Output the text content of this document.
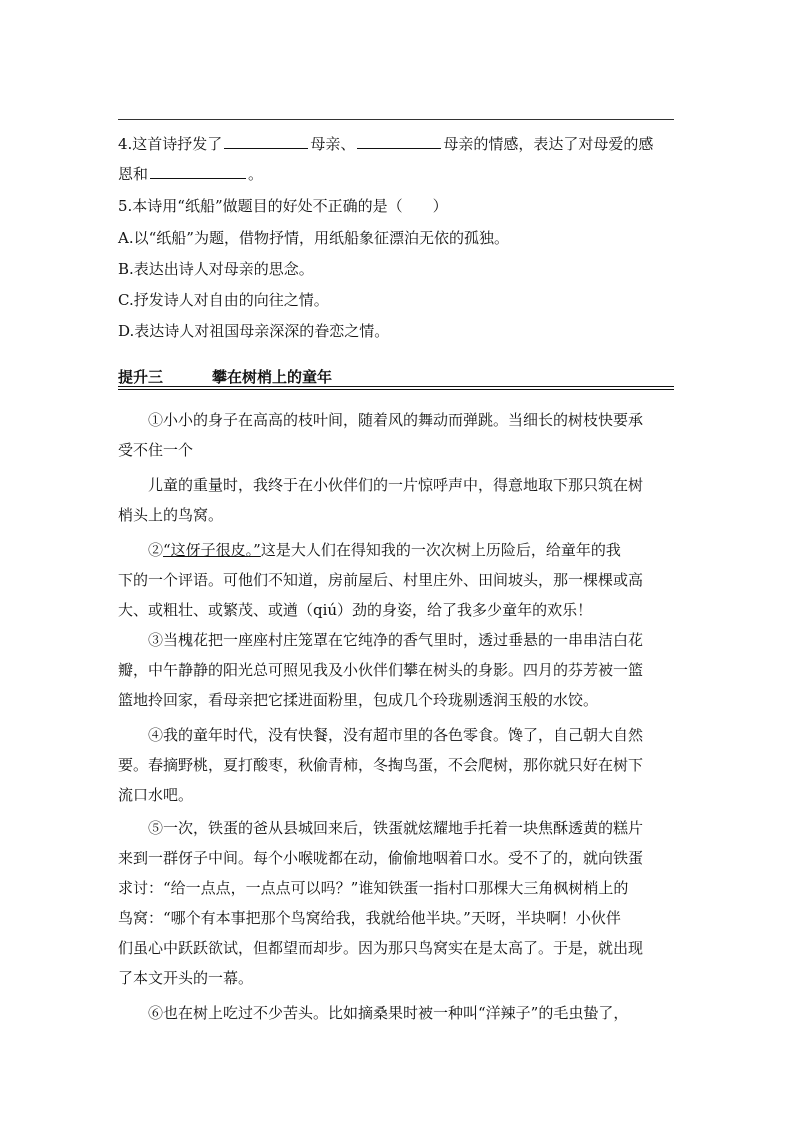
4.这首诗抒发了	母亲、	母亲的情感，表达了对母爱的感
恩和	。
5.本诗用“纸船”做题目的好处不正确的是（　　）
A.以“纸船”为题，借物抒情，用纸船象征漂泊无依的孤独。
B.表达出诗人对母亲的思念。
C.抒发诗人对自由的向往之情。
D.表达诗人对祖国母亲深深的眷恋之情。
提升三	攀在树梢上的童年
①小小的身子在高高的枝叶间，随着风的舞动而弹跳。当细长的树枝快要承
受不住一个
儿童的重量时，我终于在小伙伴们的一片惊呼声中，得意地取下那只筑在树
梢头上的鸟窝。
②“这伢子很皮。”这是大人们在得知我的一次次树上历险后，给童年的我
下的一个评语。可他们不知道，房前屋后、村里庄外、田间坡头，那一棵棵或高
大、或粗壮、或繁茂、或遒（qiú）劲的身姿，给了我多少童年的欢乐！
③当槐花把一座座村庄笼罩在它纯净的香气里时，透过垂悬的一串串洁白花
瓣，中午静静的阳光总可照见我及小伙伴们攀在树头的身影。四月的芬芳被一篮
篮地拎回家，看母亲把它揉进面粉里，包成几个玲珑剔透润玉般的水饺。
④我的童年时代，没有快餐，没有超市里的各色零食。馋了，自己朝大自然
要。春摘野桃，夏打酸枣，秋偷青柿，冬掏鸟蛋，不会爬树，那你就只好在树下
流口水吧。
⑤一次，铁蛋的爸从县城回来后，铁蛋就炫耀地手托着一块焦酥透黄的糕片
来到一群伢子中间。每个小喉咙都在动，偷偷地咽着口水。受不了的，就向铁蛋
求讨：“给一点点，一点点可以吗？”谁知铁蛋一指村口那棵大三角枫树梢上的
鸟窝：“哪个有本事把那个鸟窝给我，我就给他半块。”天呀，半块啊！小伙伴
们虽心中跃跃欲试，但都望而却步。因为那只鸟窝实在是太高了。于是，就出现
了本文开头的一幕。
⑥也在树上吃过不少苦头。比如摘桑果时被一种叫“洋辣子”的毛虫蛰了，
